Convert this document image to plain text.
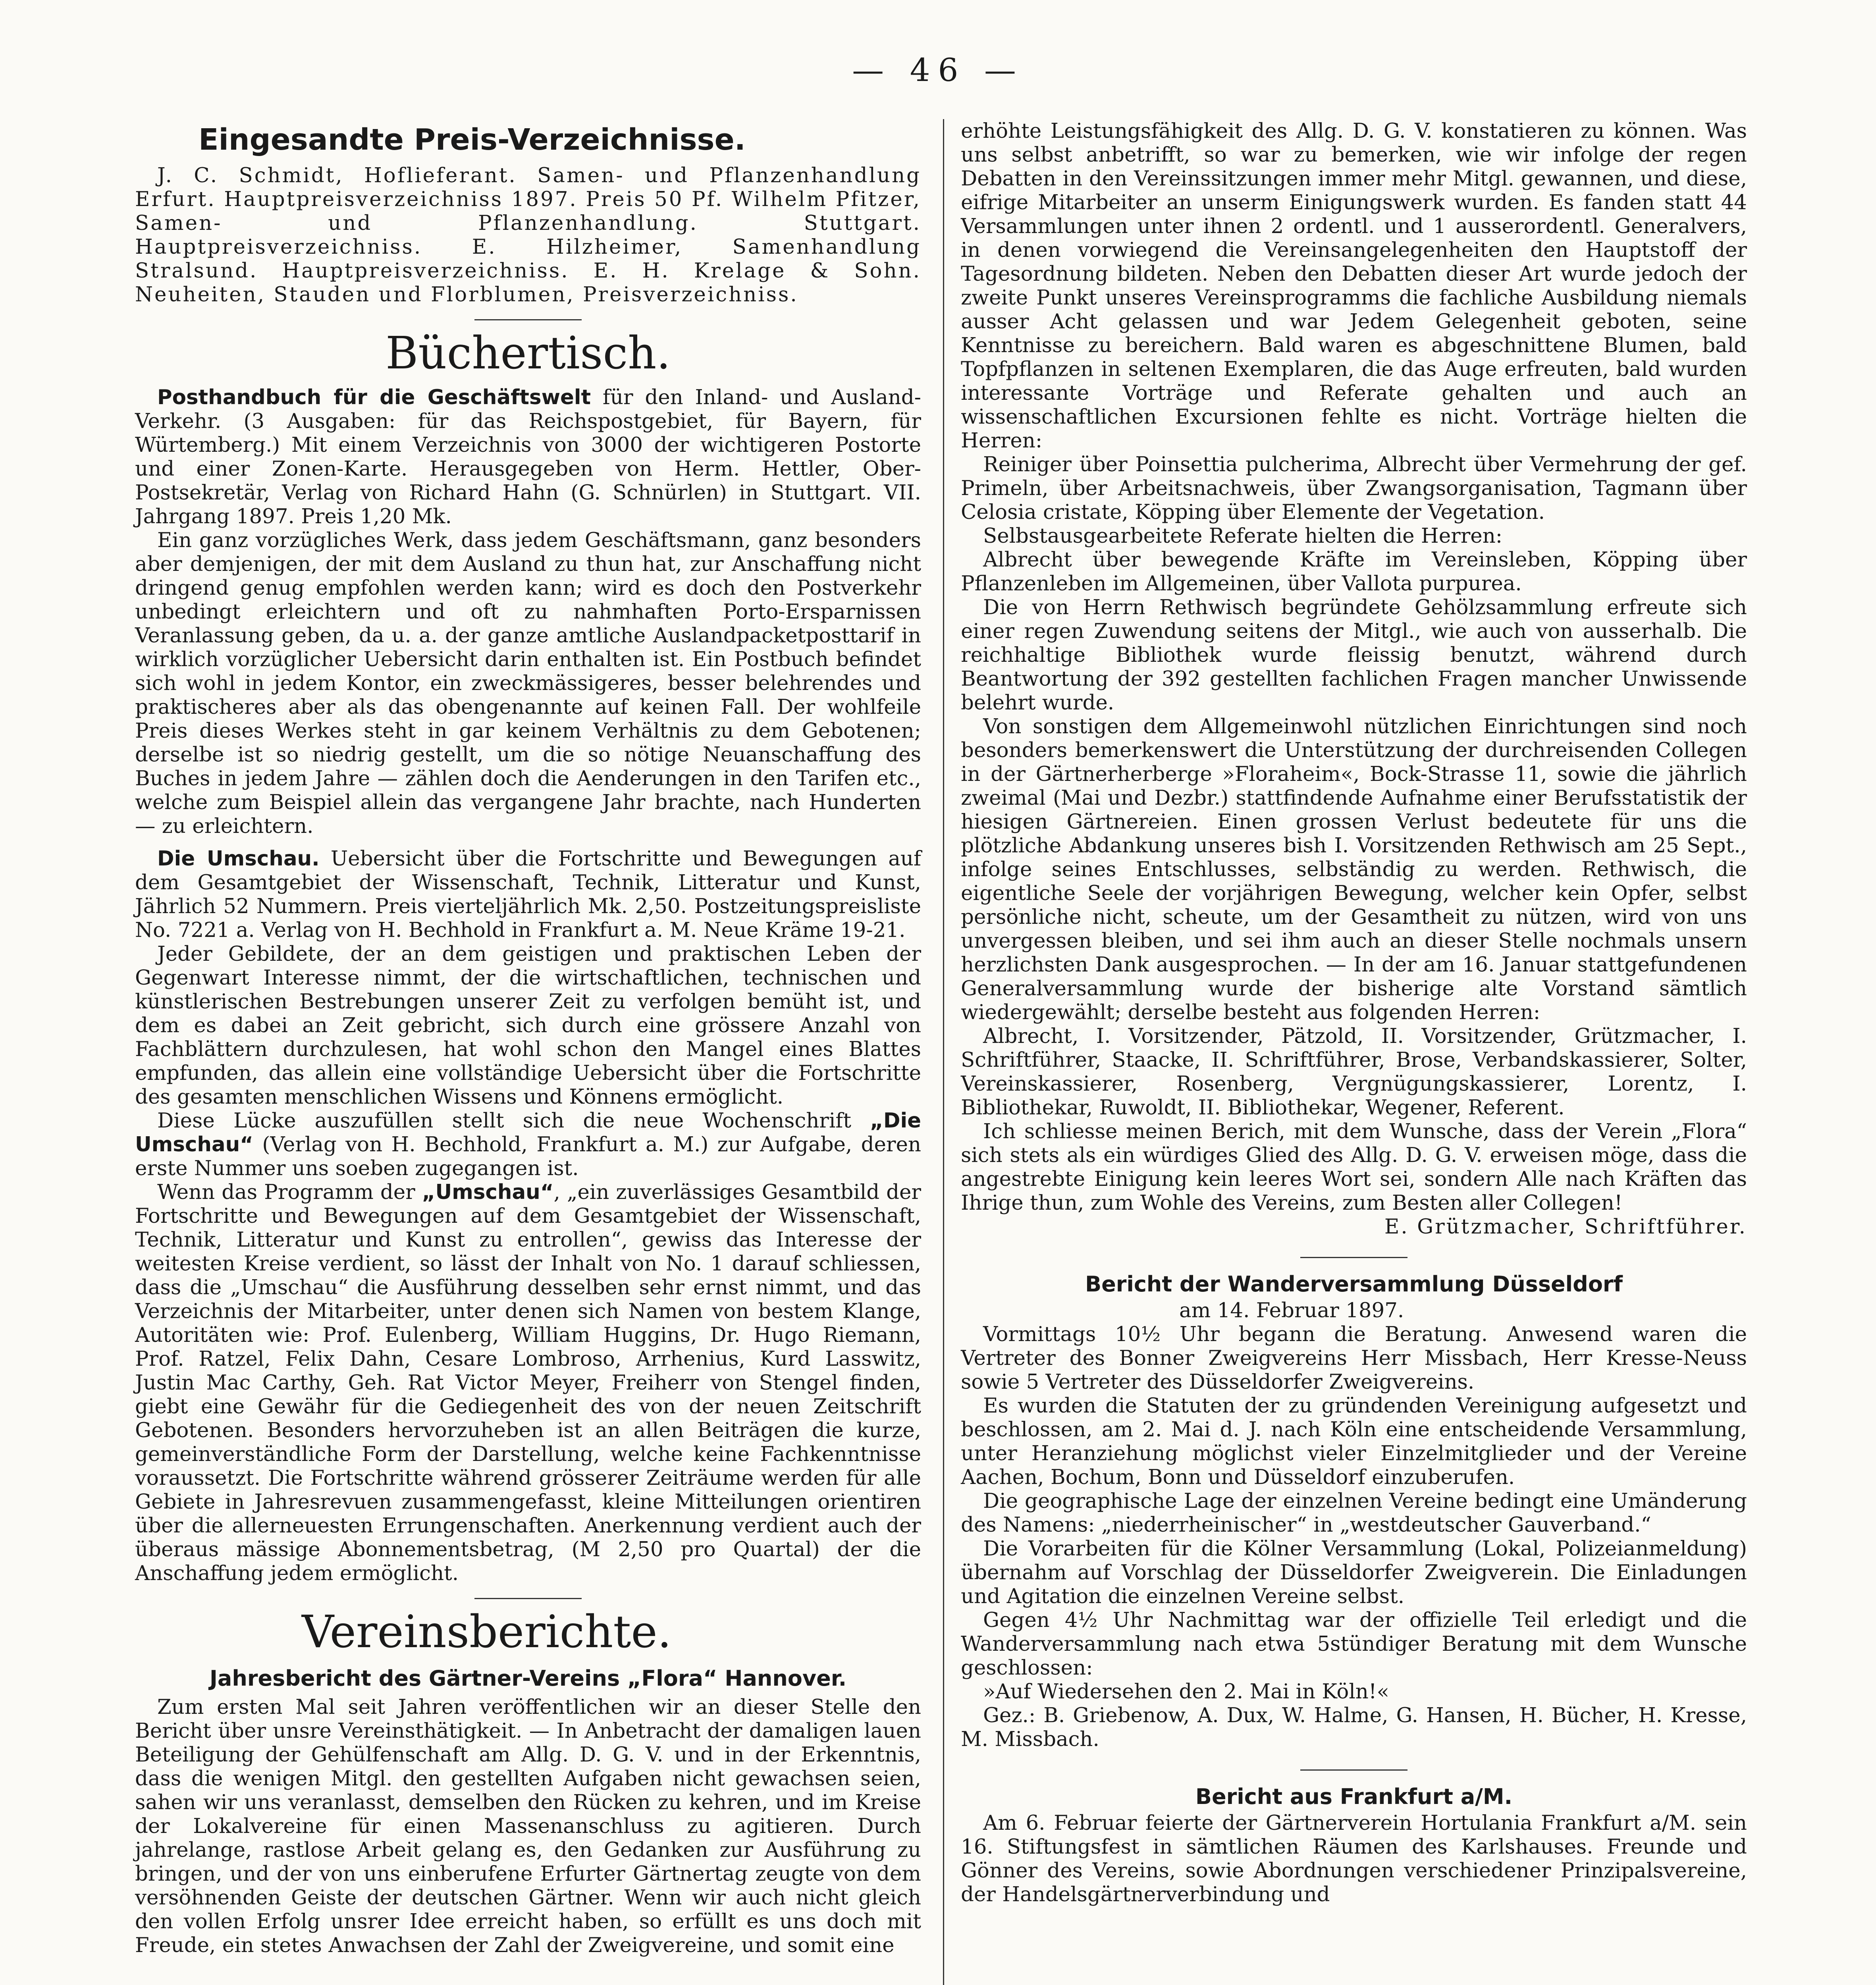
— 46 —
Eingesandte Preis-Verzeichnisse.

J. C. Schmidt, Hoflieferant. Samen- und Pflanzenhandlung Erfurt. Hauptpreisverzeichniss 1897. Preis 50 Pf. Wilhelm Pfitzer, Samen- und Pflanzenhandlung. Stuttgart. Hauptpreisverzeichniss. E. Hilzheimer, Samenhandlung Stralsund. Hauptpreisverzeichniss. E. H. Krelage & Sohn. Neuheiten, Stauden und Florblumen, Preisverzeichniss.

Büchertisch.

Posthandbuch für die Geschäftswelt für den Inland- und Ausland-Verkehr. (3 Ausgaben: für das Reichspostgebiet, für Bayern, für Würtemberg.) Mit einem Verzeichnis von 3000 der wichtigeren Postorte und einer Zonen-Karte. Herausgegeben von Herm. Hettler, Ober-Postsekretär, Verlag von Richard Hahn (G. Schnürlen) in Stuttgart. VII. Jahrgang 1897. Preis 1,20 Mk.

Ein ganz vorzügliches Werk, dass jedem Geschäftsmann, ganz besonders aber demjenigen, der mit dem Ausland zu thun hat, zur Anschaffung nicht dringend genug empfohlen werden kann; wird es doch den Postverkehr unbedingt erleichtern und oft zu nahmhaften Porto-Ersparnissen Veranlassung geben, da u. a. der ganze amtliche Auslandpacketposttarif in wirklich vorzüglicher Uebersicht darin enthalten ist. Ein Postbuch befindet sich wohl in jedem Kontor, ein zweckmässigeres, besser belehrendes und praktischeres aber als das obengenannte auf keinen Fall. Der wohlfeile Preis dieses Werkes steht in gar keinem Verhältnis zu dem Gebotenen; derselbe ist so niedrig gestellt, um die so nötige Neuanschaffung des Buches in jedem Jahre — zählen doch die Aenderungen in den Tarifen etc., welche zum Beispiel allein das vergangene Jahr brachte, nach Hunderten — zu erleichtern.

Die Umschau. Uebersicht über die Fortschritte und Bewegungen auf dem Gesamtgebiet der Wissenschaft, Technik, Litteratur und Kunst, Jährlich 52 Nummern. Preis vierteljährlich Mk. 2,50. Postzeitungspreisliste No. 7221 a. Verlag von H. Bechhold in Frankfurt a. M. Neue Kräme 19-21.

Jeder Gebildete, der an dem geistigen und praktischen Leben der Gegenwart Interesse nimmt, der die wirtschaftlichen, technischen und künstlerischen Bestrebungen unserer Zeit zu verfolgen bemüht ist, und dem es dabei an Zeit gebricht, sich durch eine grössere Anzahl von Fachblättern durchzulesen, hat wohl schon den Mangel eines Blattes empfunden, das allein eine vollständige Uebersicht über die Fortschritte des gesamten menschlichen Wissens und Könnens ermöglicht.

Diese Lücke auszufüllen stellt sich die neue Wochenschrift „Die Umschau“ (Verlag von H. Bechhold, Frankfurt a. M.) zur Aufgabe, deren erste Nummer uns soeben zugegangen ist.

Wenn das Programm der „Umschau“, „ein zuverlässiges Gesamtbild der Fortschritte und Bewegungen auf dem Gesamtgebiet der Wissenschaft, Technik, Litteratur und Kunst zu entrollen“, gewiss das Interesse der weitesten Kreise verdient, so lässt der Inhalt von No. 1 darauf schliessen, dass die „Umschau“ die Ausführung desselben sehr ernst nimmt, und das Verzeichnis der Mitarbeiter, unter denen sich Namen von bestem Klange, Autoritäten wie: Prof. Eulenberg, William Huggins, Dr. Hugo Riemann, Prof. Ratzel, Felix Dahn, Cesare Lombroso, Arrhenius, Kurd Lasswitz, Justin Mac Carthy, Geh. Rat Victor Meyer, Freiherr von Stengel finden, giebt eine Gewähr für die Gediegenheit des von der neuen Zeitschrift Gebotenen. Besonders hervorzuheben ist an allen Beiträgen die kurze, gemeinverständliche Form der Darstellung, welche keine Fachkenntnisse voraussetzt. Die Fortschritte während grösserer Zeiträume werden für alle Gebiete in Jahresrevuen zusammengefasst, kleine Mitteilungen orientiren über die allerneuesten Errungenschaften. Anerkennung verdient auch der überaus mässige Abonnementsbetrag, (M 2,50 pro Quartal) der die Anschaffung jedem ermöglicht.

Vereinsberichte.
Jahresbericht des Gärtner-Vereins „Flora“ Hannover.

Zum ersten Mal seit Jahren veröffentlichen wir an dieser Stelle den Bericht über unsre Vereinsthätigkeit. — In Anbetracht der damaligen lauen Beteiligung der Gehülfenschaft am Allg. D. G. V. und in der Erkenntnis, dass die wenigen Mitgl. den gestellten Aufgaben nicht gewachsen seien, sahen wir uns veranlasst, demselben den Rücken zu kehren, und im Kreise der Lokalvereine für einen Massenanschluss zu agitieren. Durch jahrelange, rastlose Arbeit gelang es, den Gedanken zur Ausführung zu bringen, und der von uns einberufene Erfurter Gärtnertag zeugte von dem versöhnenden Geiste der deutschen Gärtner. Wenn wir auch nicht gleich den vollen Erfolg unsrer Idee erreicht haben, so erfüllt es uns doch mit Freude, ein stetes Anwachsen der Zahl der Zweigvereine, und somit eine

erhöhte Leistungsfähigkeit des Allg. D. G. V. konstatieren zu können. Was uns selbst anbetrifft, so war zu bemerken, wie wir infolge der regen Debatten in den Vereinssitzungen immer mehr Mitgl. gewannen, und diese, eifrige Mitarbeiter an unserm Einigungswerk wurden. Es fanden statt 44 Versammlungen unter ihnen 2 ordentl. und 1 ausserordentl. Generalvers, in denen vorwiegend die Vereinsangelegenheiten den Hauptstoff der Tagesordnung bildeten. Neben den Debatten dieser Art wurde jedoch der zweite Punkt unseres Vereinsprogramms die fachliche Ausbildung niemals ausser Acht gelassen und war Jedem Gelegenheit geboten, seine Kenntnisse zu bereichern. Bald waren es abgeschnittene Blumen, bald Topfpflanzen in seltenen Exemplaren, die das Auge erfreuten, bald wurden interessante Vorträge und Referate gehalten und auch an wissenschaftlichen Excursionen fehlte es nicht. Vorträge hielten die Herren:

Reiniger über Poinsettia pulcherima, Albrecht über Vermehrung der gef. Primeln, über Arbeitsnachweis, über Zwangsorganisation, Tagmann über Celosia cristate, Köpping über Elemente der Vegetation.

Selbstausgearbeitete Referate hielten die Herren:

Albrecht über bewegende Kräfte im Vereinsleben, Köpping über Pflanzenleben im Allgemeinen, über Vallota purpurea.

Die von Herrn Rethwisch begründete Gehölzsammlung erfreute sich einer regen Zuwendung seitens der Mitgl., wie auch von ausserhalb. Die reichhaltige Bibliothek wurde fleissig benutzt, während durch Beantwortung der 392 gestellten fachlichen Fragen mancher Unwissende belehrt wurde.

Von sonstigen dem Allgemeinwohl nützlichen Einrichtungen sind noch besonders bemerkenswert die Unterstützung der durchreisenden Collegen in der Gärtnerherberge »Floraheim«, Bock-Strasse 11, sowie die jährlich zweimal (Mai und Dezbr.) stattfindende Aufnahme einer Berufsstatistik der hiesigen Gärtnereien. Einen grossen Verlust bedeutete für uns die plötzliche Abdankung unseres bish I. Vorsitzenden Rethwisch am 25 Sept., infolge seines Entschlusses, selbständig zu werden. Rethwisch, die eigentliche Seele der vorjährigen Bewegung, welcher kein Opfer, selbst persönliche nicht, scheute, um der Gesamtheit zu nützen, wird von uns unvergessen bleiben, und sei ihm auch an dieser Stelle nochmals unsern herzlichsten Dank ausgesprochen. — In der am 16. Januar stattgefundenen Generalversammlung wurde der bisherige alte Vorstand sämtlich wiedergewählt; derselbe besteht aus folgenden Herren:

Albrecht, I. Vorsitzender, Pätzold, II. Vorsitzender, Grützmacher, I. Schriftführer, Staacke, II. Schriftführer, Brose, Verbandskassierer, Solter, Vereinskassierer, Rosenberg, Vergnügungskassierer, Lorentz, I. Bibliothekar, Ruwoldt, II. Bibliothekar, Wegener, Referent.

Ich schliesse meinen Berich, mit dem Wunsche, dass der Verein „Flora“ sich stets als ein würdiges Glied des Allg. D. G. V. erweisen möge, dass die angestrebte Einigung kein leeres Wort sei, sondern Alle nach Kräften das Ihrige thun, zum Wohle des Vereins, zum Besten aller Collegen!

E. Grützmacher, Schriftführer.

Bericht der Wanderversammlung Düsseldorf

am 14. Februar 1897.

Vormittags 10½ Uhr begann die Beratung. Anwesend waren die Vertreter des Bonner Zweigvereins Herr Missbach, Herr Kresse-Neuss sowie 5 Vertreter des Düsseldorfer Zweigvereins.

Es wurden die Statuten der zu gründenden Vereinigung aufgesetzt und beschlossen, am 2. Mai d. J. nach Köln eine entscheidende Versammlung, unter Heranziehung möglichst vieler Einzelmitglieder und der Vereine Aachen, Bochum, Bonn und Düsseldorf einzuberufen.

Die geographische Lage der einzelnen Vereine bedingt eine Umänderung des Namens: „niederrheinischer“ in „westdeutscher Gauverband.“

Die Vorarbeiten für die Kölner Versammlung (Lokal, Polizeianmeldung) übernahm auf Vorschlag der Düsseldorfer Zweigverein. Die Einladungen und Agitation die einzelnen Vereine selbst.

Gegen 4½ Uhr Nachmittag war der offizielle Teil erledigt und die Wanderversammlung nach etwa 5stündiger Beratung mit dem Wunsche geschlossen:

»Auf Wiedersehen den 2. Mai in Köln!«

Gez.: B. Griebenow, A. Dux, W. Halme, G. Hansen, H. Bücher, H. Kresse, M. Missbach.

Bericht aus Frankfurt a/M.

Am 6. Februar feierte der Gärtnerverein Hortulania Frankfurt a/M. sein 16. Stiftungsfest in sämtlichen Räumen des Karlshauses. Freunde und Gönner des Vereins, sowie Abordnungen verschiedener Prinzipalsvereine, der Handelsgärtnerverbindung und
